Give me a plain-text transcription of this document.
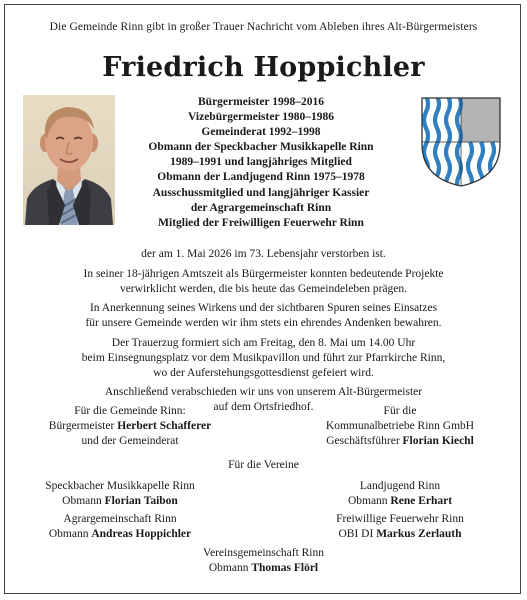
Die Gemeinde Rinn gibt in großer Trauer Nachricht vom Ableben ihres Alt-Bürgermeisters
Friedrich Hoppichler
Bürgermeister 1998–2016
Vizebürgermeister 1980–1986
Gemeinderat 1992–1998
Obmann der Speckbacher Musikkapelle Rinn
1989–1991 und langjähriges Mitglied
Obmann der Landjugend Rinn 1975–1978
Ausschussmitglied und langjähriger Kassier
der Agrargemeinschaft Rinn
Mitglied der Freiwilligen Feuerwehr Rinn

der am 1. Mai 2026 im 73. Lebensjahr verstorben ist.

In seiner 18-jährigen Amtszeit als Bürgermeister konnten bedeutende Projekte
verwirklicht werden, die bis heute das Gemeindeleben prägen.

In Anerkennung seines Wirkens und der sichtbaren Spuren seines Einsatzes
für unsere Gemeinde werden wir ihm stets ein ehrendes Andenken bewahren.

Der Trauerzug formiert sich am Freitag, den 8. Mai um 14.00 Uhr
beim Einsegnungsplatz vor dem Musikpavillon und führt zur Pfarrkirche Rinn,
wo der Auferstehungsgottesdienst gefeiert wird.

Anschließend verabschieden wir uns von unserem Alt-Bürgermeister
auf dem Ortsfriedhof.

Für die Gemeinde Rinn:
Bürgermeister Herbert Schafferer
und der Gemeinderat
Für die
Kommunalbetriebe Rinn GmbH
Geschäftsführer Florian Kiechl
Für die Vereine
Speckbacher Musikkapelle Rinn
Obmann Florian Taibon
Landjugend Rinn
Obmann Rene Erhart
Agrargemeinschaft Rinn
Obmann Andreas Hoppichler
Freiwillige Feuerwehr Rinn
OBI DI Markus Zerlauth
Vereinsgemeinschaft Rinn
Obmann Thomas Flörl
